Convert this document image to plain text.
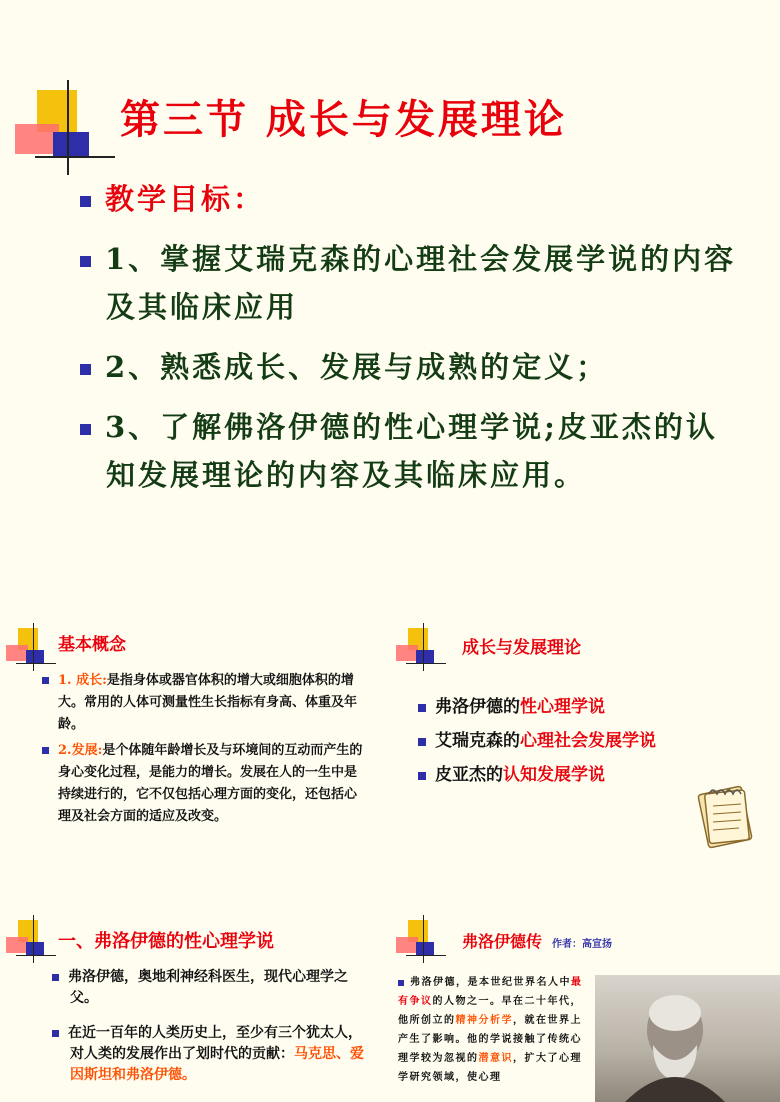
第三节 成长与发展理论
教学目标：
1、掌握艾瑞克森的心理社会发展学说的内容及其临床应用
2、熟悉成长、发展与成熟的定义；
3、了解佛洛伊德的性心理学说;皮亚杰的认知发展理论的内容及其临床应用。
基本概念
1. 成长:是指身体或器官体积的增大或细胞体积的增大。常用的人体可测量性生长指标有身高、体重及年龄。
2.发展:是个体随年龄增长及与环境间的互动而产生的身心变化过程，是能力的增长。发展在人的一生中是持续进行的，它不仅包括心理方面的变化，还包括心理及社会方面的适应及改变。
成长与发展理论
弗洛伊德的性心理学说
艾瑞克森的心理社会发展学说
皮亚杰的认知发展学说
一、弗洛伊德的性心理学说
弗洛伊德，奥地利神经科医生，现代心理学之父。
在近一百年的人类历史上，至少有三个犹太人，对人类的发展作出了划时代的贡献：马克思、爱因斯坦和弗洛伊德。
弗洛伊德传 作者：高宣扬
弗洛伊德，是本世纪世界名人中最有争议的人物之一。早在二十年代，他所创立的精神分析学，就在世界上产生了影响。他的学说接触了传统心理学较为忽视的潜意识，扩大了心理学研究领域，使心理
